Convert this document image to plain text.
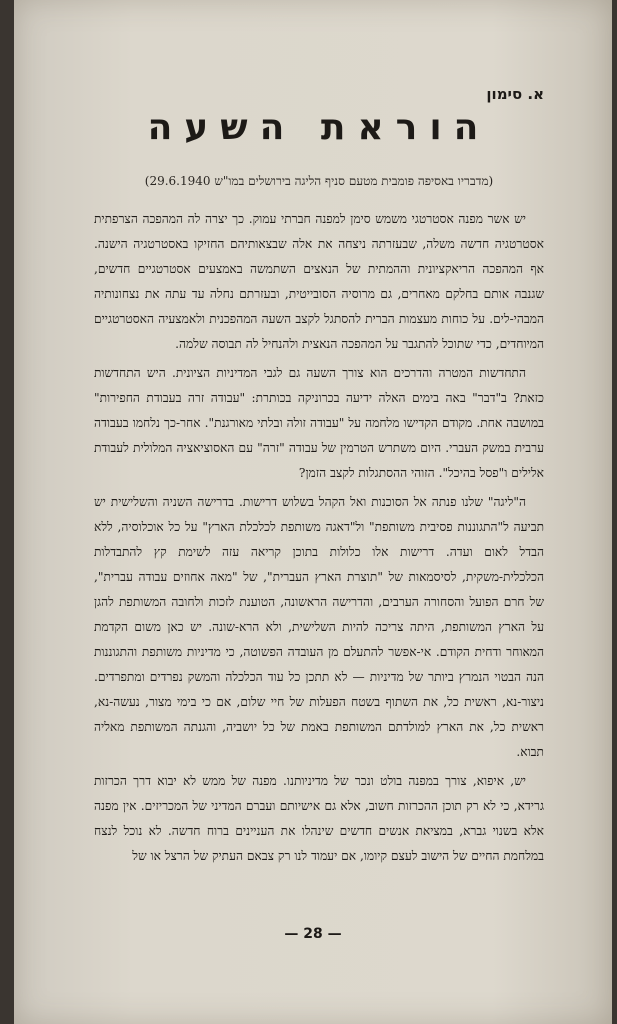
א. סימון
הוראת השעה
(מדבריו באסיפה פומבית מטעם סניף הליגה בירושלים במו"ש 29.6.1940)

יש אשר מפנה אסטרטגי משמש סימן למפנה חברתי עמוק. כך יצרה לה המהפכה הצרפתית אסטרטגיה חדשה משלה, שבעזרתה ניצחה את אלה שבצאותיהם החזיקו באסטרטגיה הישנה. אף המהפכה הריאקציונית וההמתית של הנאצים השתמשה באמצעים אסטרטגיים חדשים, שגנבה אותם בחלקם מאחרים, גם מרוסיה הסובייטית, ובעזרתם נחלה עד עתה את נצחונותיה המבהי-לים. על כוחות מעצמות הברית להסתגל לקצב השעה המהפכנית ולאמצעיה האסטרטגיים המיוחדים, כדי שתוכל להתגבר על המהפכה הנאצית ולהנחיל לה תבוסה שלמה.

התחדשות המטרה והדרכים הוא צורך השעה גם לגבי המדיניות הציונית. היש התחדשות כזאת? ב"דבר" באה בימים האלה ידיעה בכרוניקה בכותרת: "עבודה זרה בעבודת החפירות" במושבה אחת. מקודם הקדישו מלחמה על "עבודה זולה ובלתי מאורגנת". אחר-כך נלחמו בעבודה ערבית במשק העברי. היום משתרש הטרמין של עבודה "זרה" עם האסוציאציה המלולית לעבודת אלילים ו"פסל בהיכל". הזוהי ההסתגלות לקצב הזמן?

ה"ליגה" שלנו פנתה אל הסוכנות ואל הקהל בשלוש דרישות. בדרישה השניה והשלישית יש תביעה ל"התגוננות פסיבית משותפת" ול"דאגה משותפת לכלכלת הארץ" על כל אוכלוסיה, ללא הבדל לאום ועדה. דרישות אלו כלולות בתוכן קריאה עזה לשימת קץ להתבדלות הכלכלית-משקית, לסיסמאות של "תוצרת הארץ העברית", של "מאה אחוזים עבודה עברית", של חרם הפועל והסחורה הערבים, והדרישה הראשונה, הטוענת לזכות ולחובה המשותפת להגן על הארץ המשותפת, היתה צריכה להיות השלישית, ולא הרא-שונה. יש כאן משום הקדמת המאוחר ודחית הקודם. אי-אפשר להתעלם מן העובדה הפשוטה, כי מדיניות משותפת והתגוננות הנה הבטוי הנמרץ ביותר של מדיניות — לא תתכן כל עוד הכלכלה והמשק נפרדים ומתפרדים. ניצור-נא, ראשית כל, את השתוף בשטח הפעלות של חיי שלום, אם כי בימי מצור, נעשה-נא, ראשית כל, את הארץ למולדתם המשותפת באמת של כל יושביה, והגנתה המשותפת מאליה תבוא.

יש, איפוא, צורך במפנה בולט ונכר של מדיניותנו. מפנה של ממש לא יבוא דרך הכרזות גרידא, כי לא רק תוכן ההכרזות חשוב, אלא גם אישיותם ועברם המדיני של המכריזים. אין מפנה אלא בשנוי גברא, במציאת אנשים חדשים שינהלו את העניינים ברוח חדשה. לא נוכל לנצח במלחמת החיים של הישוב לעצם קיומו, אם יעמוד לנו רק צבאם העתיק של הרצל או של

— 28 —
